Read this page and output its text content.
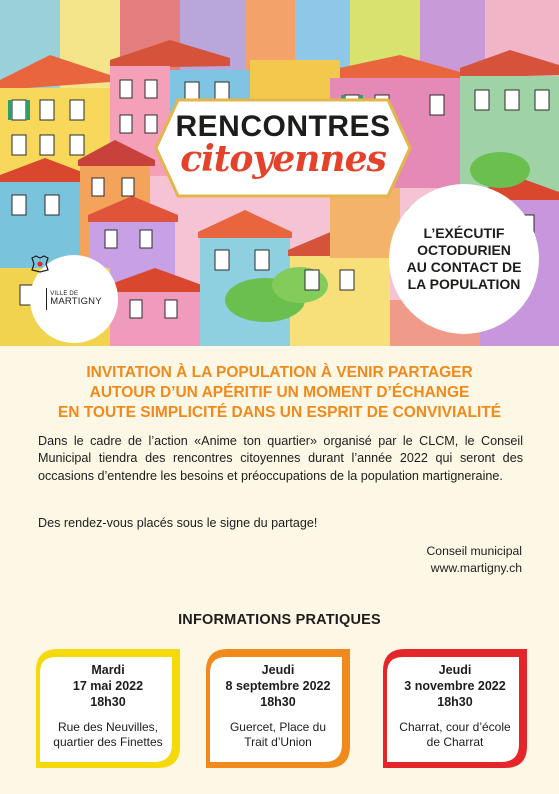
RENCONTRES
citoyennes
L’EXÉCUTIF
OCTODURIEN
AU CONTACT DE
LA POPULATION
VILLE DE
MARTIGNY
INVITATION À LA POPULATION À VENIR PARTAGER
AUTOUR D’UN APÉRITIF UN MOMENT D’ÉCHANGE
EN TOUTE SIMPLICITÉ DANS UN ESPRIT DE CONVIVIALITÉ

Dans le cadre de l’action «Anime ton quartier» organisé par le CLCM, le Conseil Municipal tiendra des rencontres citoyennes durant l’année 2022 qui seront des occasions d’entendre les besoins et préoccupations de la population martigneraine.

Des rendez-vous placés sous le signe du partage!

Conseil municipal
www.martigny.ch
INFORMATIONS PRATIQUES
Mardi
17 mai 2022
18h30
Rue des Neuvilles,
quartier des Finettes
Jeudi
8 septembre 2022
18h30
Guercet, Place du
Trait d’Union
Jeudi
3 novembre 2022
18h30
Charrat, cour d’école
de Charrat
